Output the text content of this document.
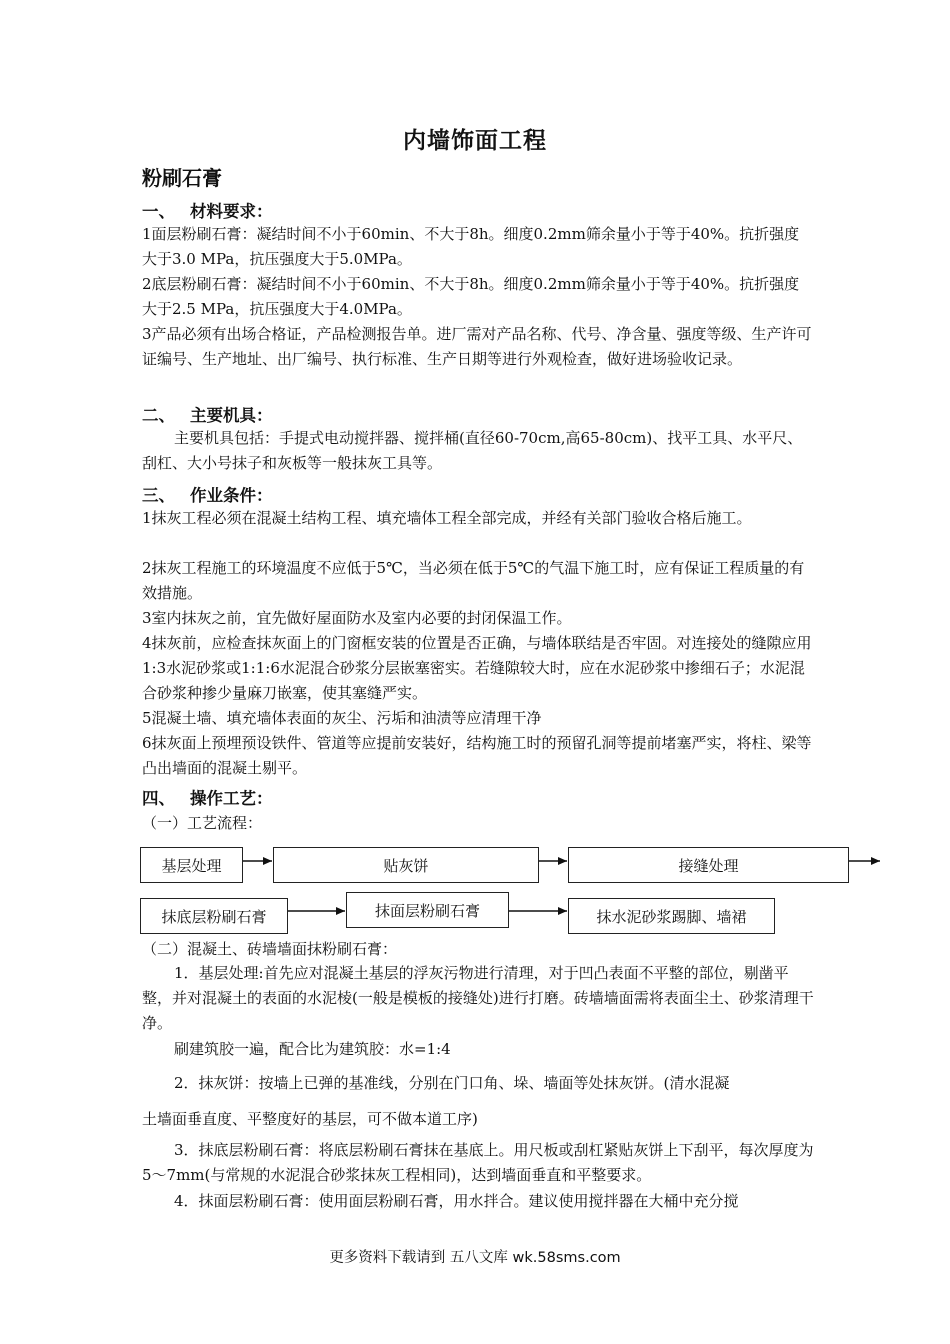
内墙饰面工程
粉刷石膏
一、 材料要求：
1面层粉刷石膏：凝结时间不小于60min、不大于8h。细度0.2mm筛余量小于等于40%。抗折强度大于3.0 MPa，抗压强度大于5.0MPa。
2底层粉刷石膏：凝结时间不小于60min、不大于8h。细度0.2mm筛余量小于等于40%。抗折强度大于2.5 MPa，抗压强度大于4.0MPa。
3产品必须有出场合格证，产品检测报告单。进厂需对产品名称、代号、净含量、强度等级、生产许可证编号、生产地址、出厂编号、执行标准、生产日期等进行外观检查，做好进场验收记录。
二、 主要机具：
主要机具包括：手提式电动搅拌器、搅拌桶(直径60-70cm,高65-80cm)、找平工具、水平尺、刮杠、大小号抹子和灰板等一般抹灰工具等。
三、 作业条件：
1抹灰工程必须在混凝土结构工程、填充墙体工程全部完成，并经有关部门验收合格后施工。
2抹灰工程施工的环境温度不应低于5℃，当必须在低于5℃的气温下施工时，应有保证工程质量的有效措施。
3室内抹灰之前，宜先做好屋面防水及室内必要的封闭保温工作。
4抹灰前，应检查抹灰面上的门窗框安装的位置是否正确，与墙体联结是否牢固。对连接处的缝隙应用1:3水泥砂浆或1:1:6水泥混合砂浆分层嵌塞密实。若缝隙较大时，应在水泥砂浆中掺细石子；水泥混合砂浆种掺少量麻刀嵌塞，使其塞缝严实。
5混凝土墙、填充墙体表面的灰尘、污垢和油渍等应清理干净
6抹灰面上预埋预设铁件、管道等应提前安装好，结构施工时的预留孔洞等提前堵塞严实，将柱、梁等凸出墙面的混凝土剔平。
四、 操作工艺：
（一）工艺流程：
基层处理	贴灰饼	接缝处理
抹底层粉刷石膏	抹面层粉刷石膏	抹水泥砂浆踢脚、墙裙
（二）混凝土、砖墙墙面抹粉刷石膏：
1．基层处理:首先应对混凝土基层的浮灰污物进行清理，对于凹凸表面不平整的部位，剔凿平整，并对混凝土的表面的水泥棱(一般是模板的接缝处)进行打磨。砖墙墙面需将表面尘土、砂浆清理干净。
刷建筑胶一遍，配合比为建筑胶：水=1:4
2．抹灰饼：按墙上已弹的基准线，分别在门口角、垛、墙面等处抹灰饼。(清水混凝
土墙面垂直度、平整度好的基层，可不做本道工序)
3．抹底层粉刷石膏：将底层粉刷石膏抹在基底上。用尺板或刮杠紧贴灰饼上下刮平，每次厚度为5～7mm(与常规的水泥混合砂浆抹灰工程相同)，达到墙面垂直和平整要求。
4．抹面层粉刷石膏：使用面层粉刷石膏，用水拌合。建议使用搅拌器在大桶中充分搅
更多资料下载请到 五八文库 wk.58sms.com
